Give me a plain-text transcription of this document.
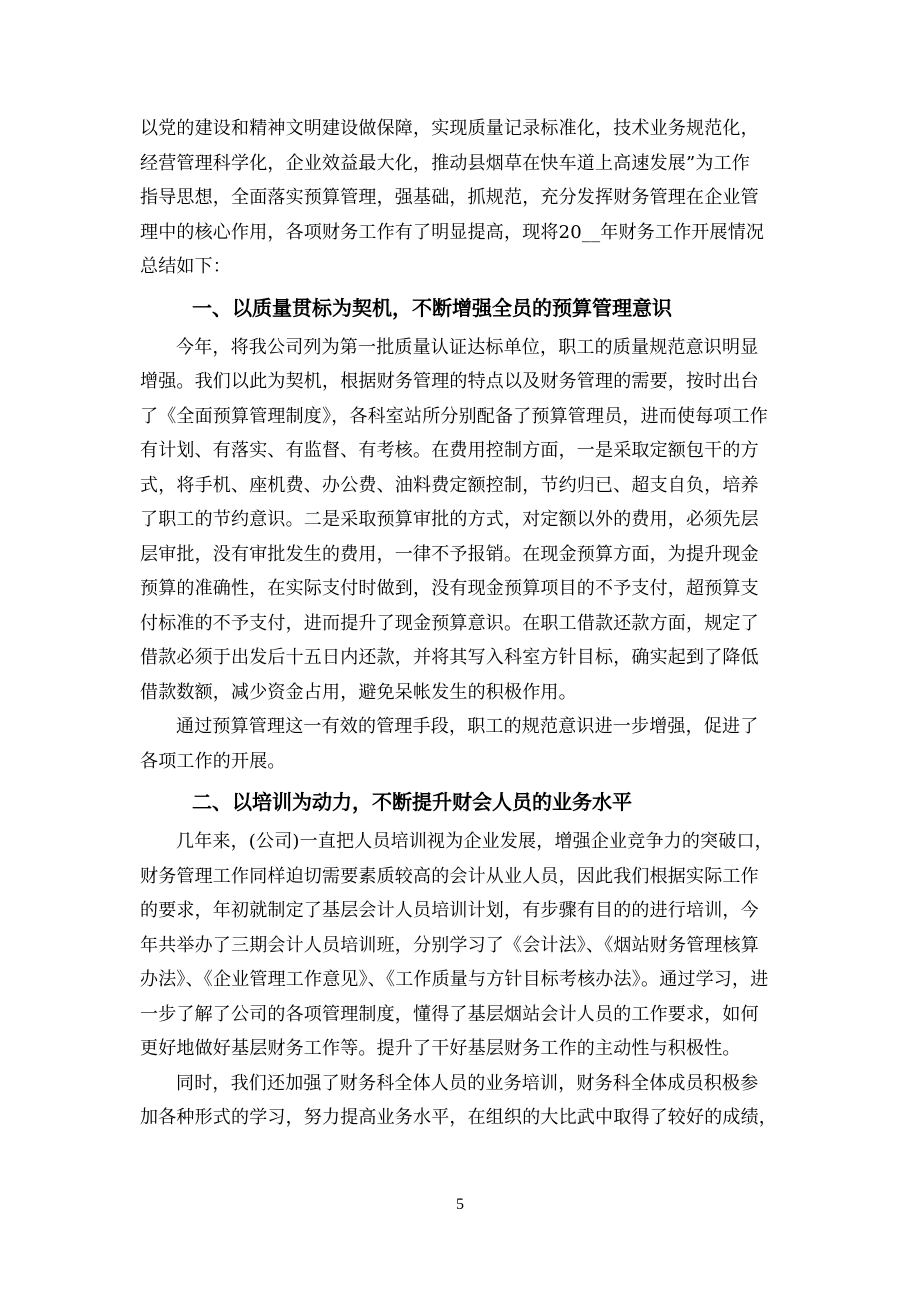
以党的建设和精神文明建设做保障，实现质量记录标准化，技术业务规范化，
经营管理科学化，企业效益最大化，推动县烟草在快车道上高速发展”为工作
指导思想，全面落实预算管理，强基础，抓规范，充分发挥财务管理在企业管
理中的核心作用，各项财务工作有了明显提高，现将20__年财务工作开展情况
总结如下：
一、以质量贯标为契机，不断增强全员的预算管理意识
今年，将我公司列为第一批质量认证达标单位，职工的质量规范意识明显
增强。我们以此为契机，根据财务管理的特点以及财务管理的需要，按时出台
了《全面预算管理制度》，各科室站所分别配备了预算管理员，进而使每项工作
有计划、有落实、有监督、有考核。在费用控制方面，一是采取定额包干的方
式，将手机、座机费、办公费、油料费定额控制，节约归已、超支自负，培养
了职工的节约意识。二是采取预算审批的方式，对定额以外的费用，必须先层
层审批，没有审批发生的费用，一律不予报销。在现金预算方面，为提升现金
预算的准确性，在实际支付时做到，没有现金预算项目的不予支付，超预算支
付标准的不予支付，进而提升了现金预算意识。在职工借款还款方面，规定了
借款必须于出发后十五日内还款，并将其写入科室方针目标，确实起到了降低
借款数额，减少资金占用，避免呆帐发生的积极作用。
通过预算管理这一有效的管理手段，职工的规范意识进一步增强，促进了
各项工作的开展。
二、以培训为动力，不断提升财会人员的业务水平
几年来，(公司)一直把人员培训视为企业发展，增强企业竞争力的突破口，
财务管理工作同样迫切需要素质较高的会计从业人员，因此我们根据实际工作
的要求，年初就制定了基层会计人员培训计划，有步骤有目的的进行培训，今
年共举办了三期会计人员培训班，分别学习了《会计法》、《烟站财务管理核算
办法》、《企业管理工作意见》、《工作质量与方针目标考核办法》。通过学习，进
一步了解了公司的各项管理制度，懂得了基层烟站会计人员的工作要求，如何
更好地做好基层财务工作等。提升了干好基层财务工作的主动性与积极性。
同时，我们还加强了财务科全体人员的业务培训，财务科全体成员积极参
加各种形式的学习，努力提高业务水平，在组织的大比武中取得了较好的成绩，
5
